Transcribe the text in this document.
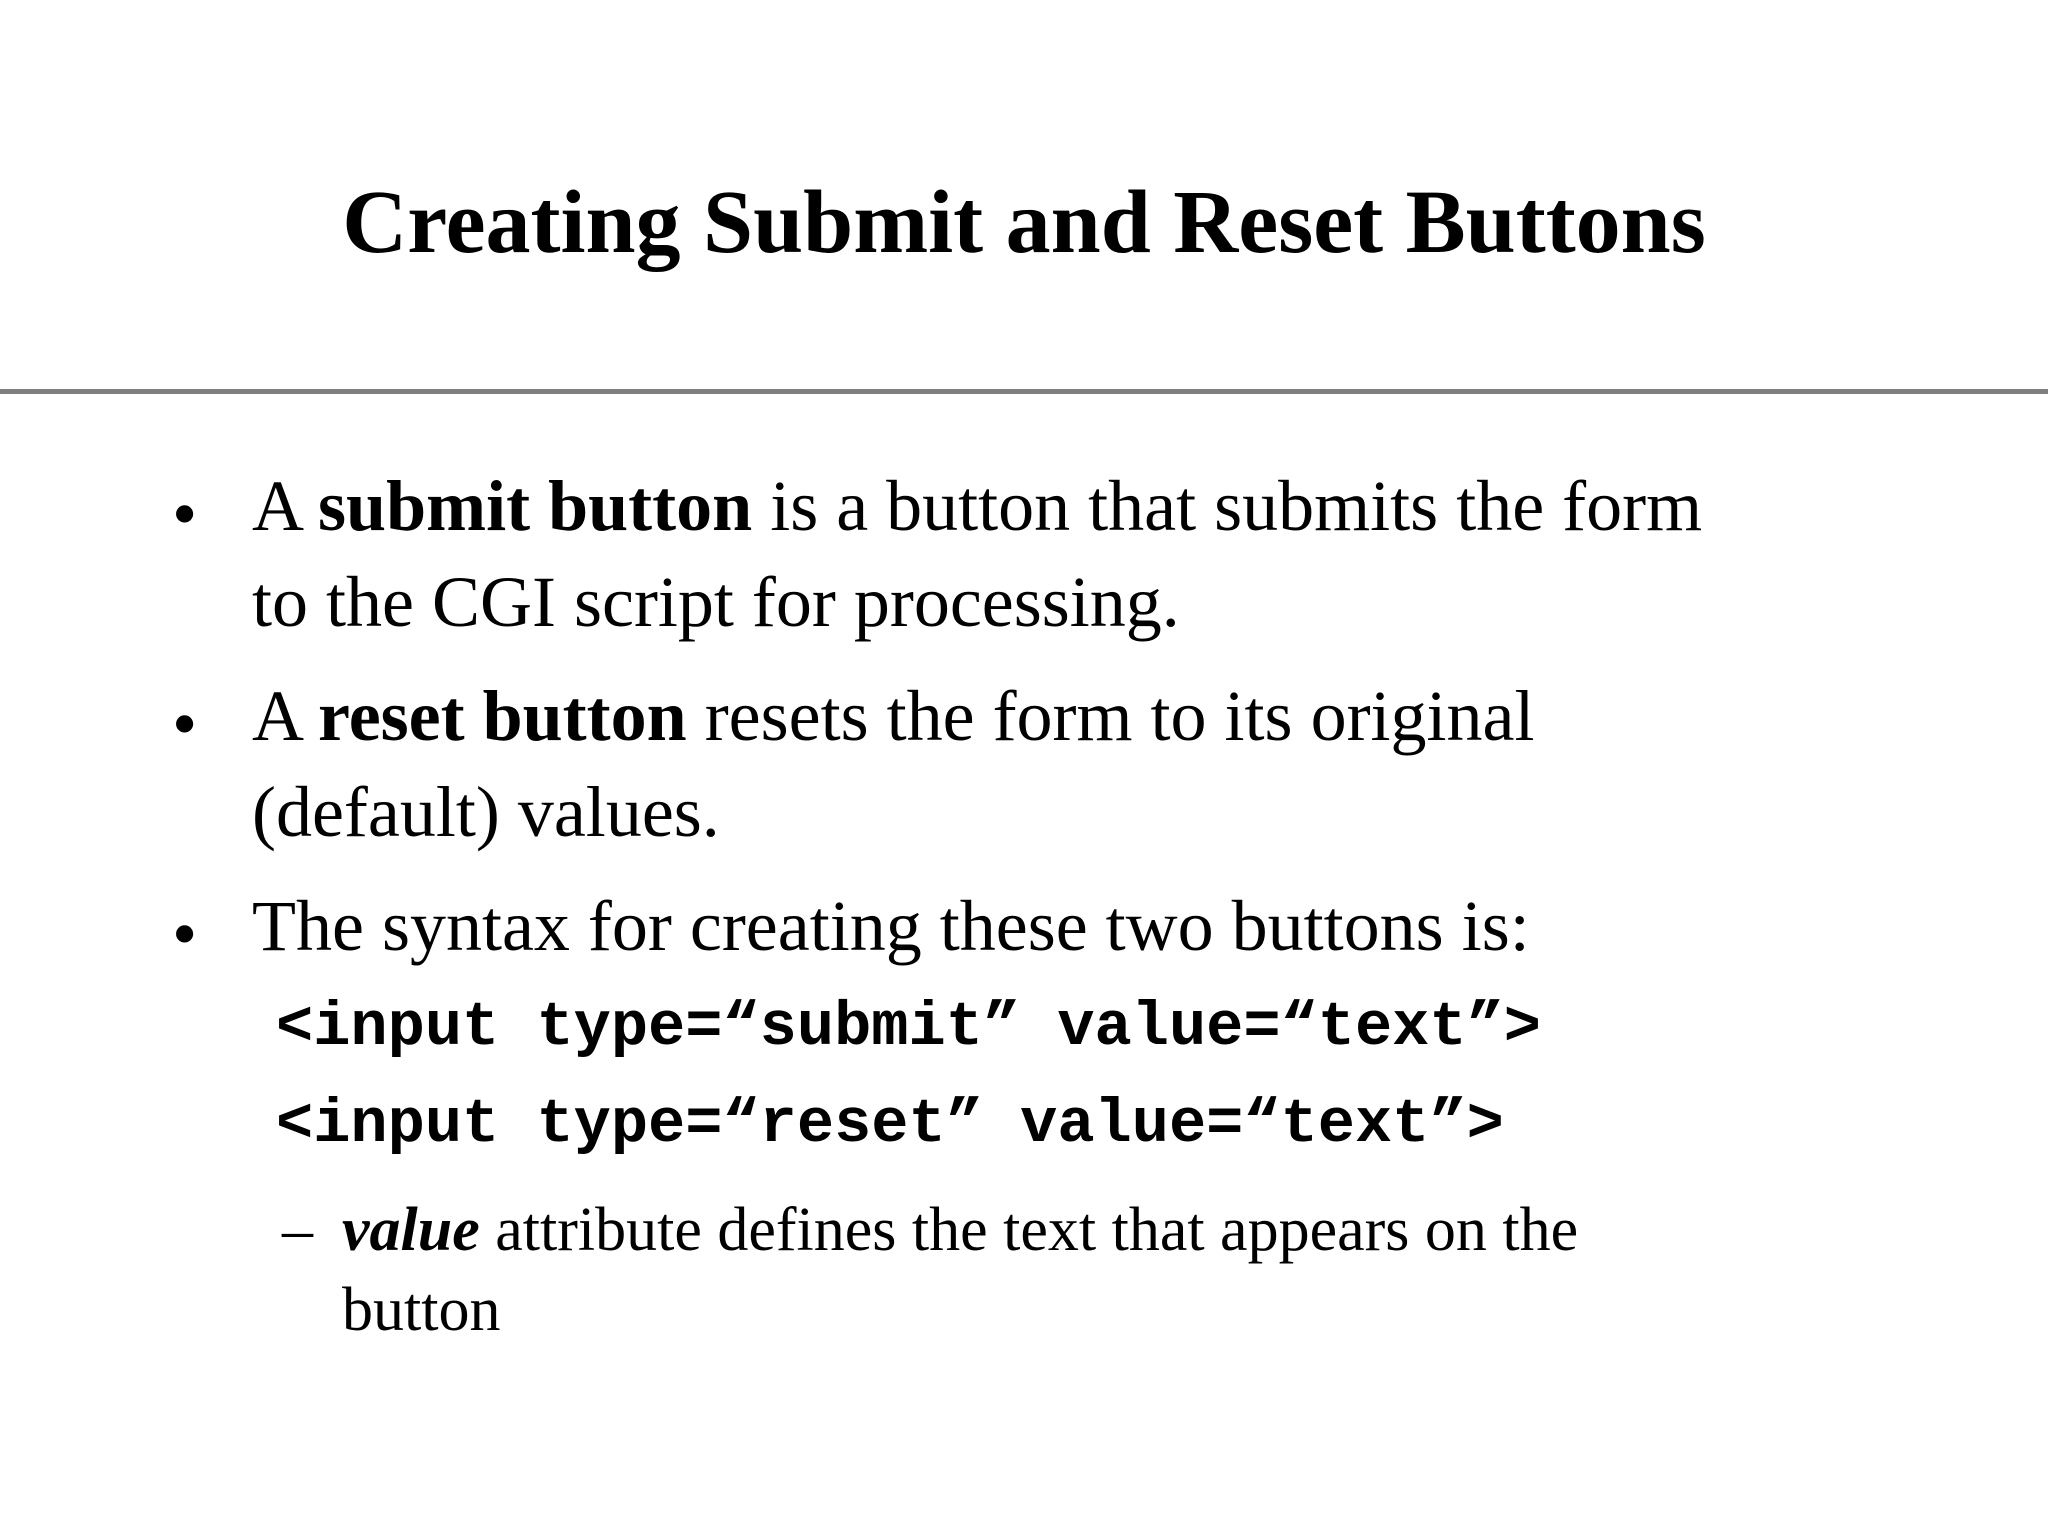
Creating Submit and Reset Buttons
• A submit button is a button that submits the form
to the CGI script for processing.
• A reset button resets the form to its original
(default) values.
• The syntax for creating these two buttons is:
<input type=“submit” value=“text”>
<input type=“reset” value=“text”>
– value attribute defines the text that appears on the
button
